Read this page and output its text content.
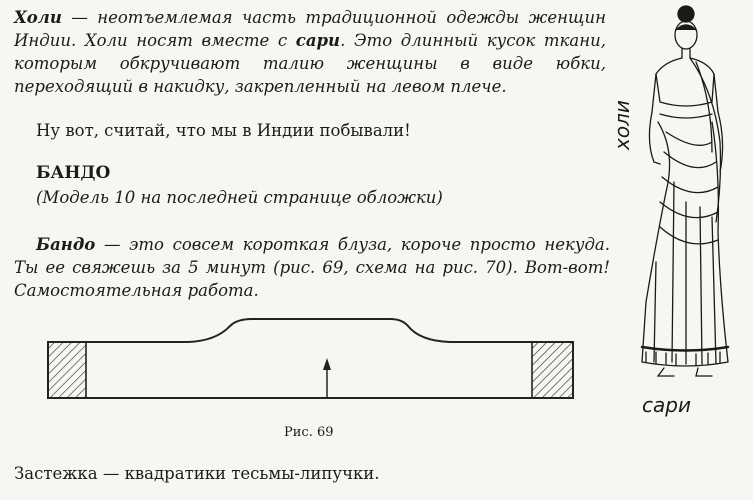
Холи — неотъемлемая часть традиционной одежды женщин Индии. Холи носят вместе с сари. Это длинный кусок ткани, которым обкручивают талию женщины в виде юбки, переходящий в накидку, закрепленный на левом плече.

Ну вот, считай, что мы в Индии побывали!

БАНДО

(Модель 10 на последней странице обложки)

Бандо — это совсем короткая блуза, короче просто некуда. Ты ее свяжешь за 5 минут (рис. 69, схема на рис. 70). Вот-вот! Самостоятельная работа.

Рис. 69

Застежка — квадратики тесьмы-липучки.

холи
сари
